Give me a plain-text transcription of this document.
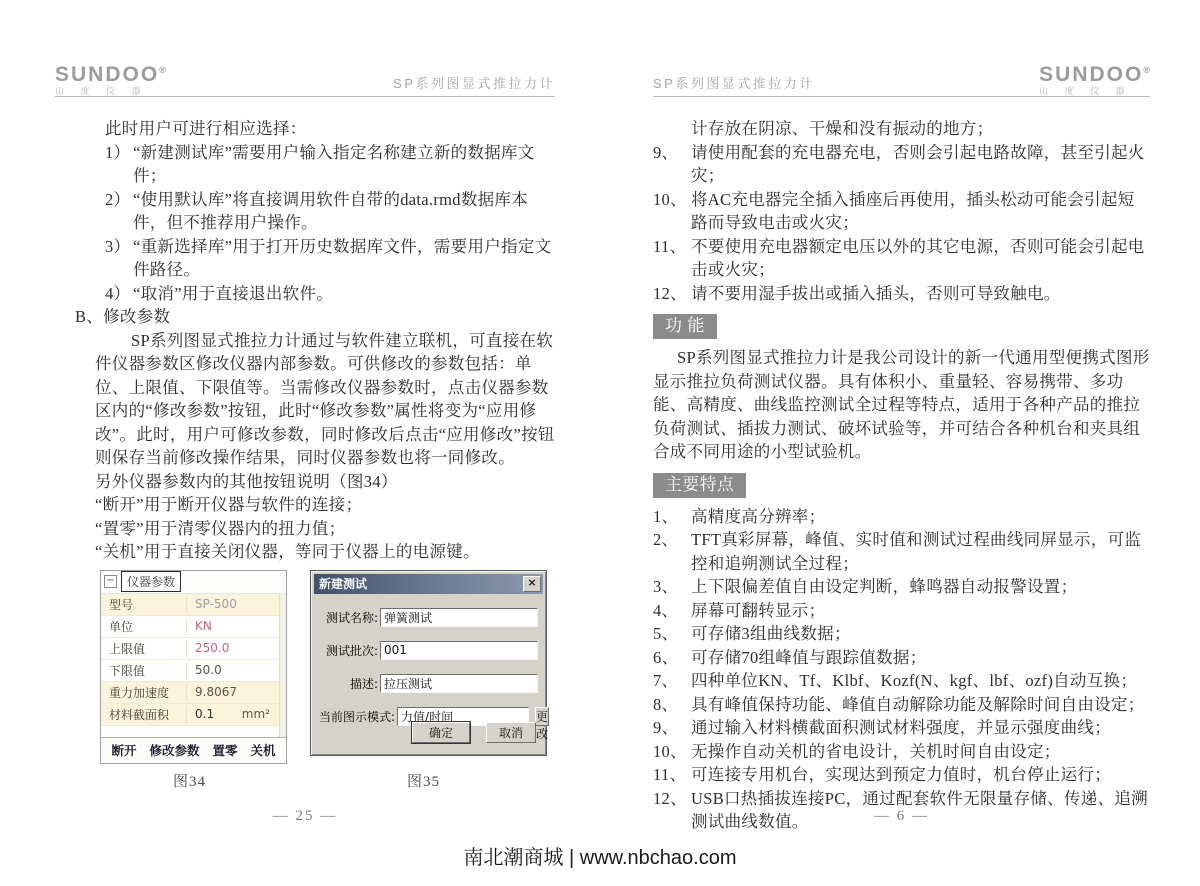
SUNDOO®
山 度 仪 器	SP系列图显式推拉力计
此时用户可进行相应选择：
1） “新建测试库”需要用户输入指定名称建立新的数据库文件；
2） “使用默认库”将直接调用软件自带的data.rmd数据库本件，但不推荐用户操作。
3） “重新选择库”用于打开历史数据库文件，需要用户指定文件路径。
4） “取消”用于直接退出软件。
B、修改参数
SP系列图显式推拉力计通过与软件建立联机，可直接在软件仪器参数区修改仪器内部参数。可供修改的参数包括：单位、上限值、下限值等。当需修改仪器参数时，点击仪器参数区内的“修改参数”按钮，此时“修改参数”属性将变为“应用修改”。此时，用户可修改参数，同时修改后点击“应用修改”按钮则保存当前修改操作结果，同时仪器参数也将一同修改。
另外仪器参数内的其他按钮说明（图34）
“断开”用于断开仪器与软件的连接；
“置零”用于清零仪器内的扭力值；
“关机”用于直接关闭仪器，等同于仪器上的电源键。
−	仪器参数
型号	SP-500
单位	KN
上限值	250.0
下限值	50.0
重力加速度	9.8067
材料截面积	0.1	mm²
断开 修改参数 置零 关机
新建测试	×
测试名称:
弹簧测试
测试批次:
001
描述:
拉压测试
当前图示模式:
力值/时间	更改
确定	取消
图34	图35
— 25 —
SP系列图显式推拉力计	SUNDOO®
山 度 仪 器
计存放在阴凉、干燥和没有振动的地方；
9、 请使用配套的充电器充电，否则会引起电路故障，甚至引起火灾；
10、 将AC充电器完全插入插座后再使用，插头松动可能会引起短路而导致电击或火灾；
11、 不要使用充电器额定电压以外的其它电源，否则可能会引起电击或火灾；
12、 请不要用湿手拔出或插入插头，否则可导致触电。
功 能
SP系列图显式推拉力计是我公司设计的新一代通用型便携式图形显示推拉负荷测试仪器。具有体积小、重量轻、容易携带、多功能、高精度、曲线监控测试全过程等特点，适用于各种产品的推拉负荷测试、插拔力测试、破坏试验等，并可结合各种机台和夹具组合成不同用途的小型试验机。
主要特点
1、 高精度高分辨率；
2、 TFT真彩屏幕，峰值、实时值和测试过程曲线同屏显示，可监控和追朔测试全过程；
3、 上下限偏差值自由设定判断，蜂鸣器自动报警设置；
4、 屏幕可翻转显示；
5、 可存储3组曲线数据；
6、 可存储70组峰值与跟踪值数据；
7、 四种单位KN、Tf、Klbf、Kozf(N、kgf、lbf、ozf)自动互换；
8、 具有峰值保持功能、峰值自动解除功能及解除时间自由设定；
9、 通过输入材料横截面积测试材料强度，并显示强度曲线；
10、 无操作自动关机的省电设计，关机时间自由设定；
11、 可连接专用机台，实现达到预定力值时，机台停止运行；
12、 USB口热插拔连接PC，通过配套软件无限量存储、传递、追溯测试曲线数值。	— 6 —
南北潮商城 | www.nbchao.com
